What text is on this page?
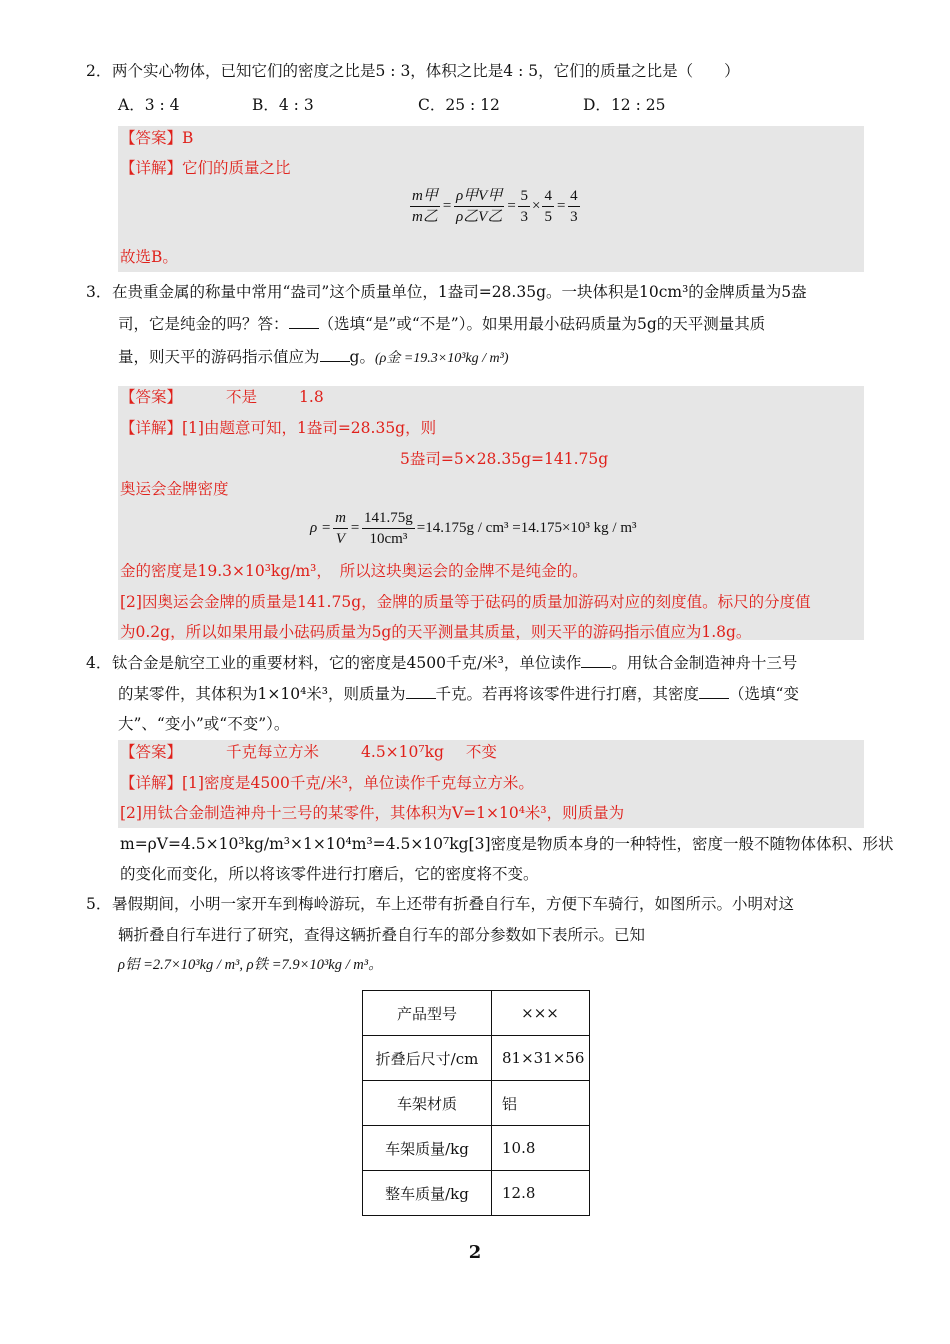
2． 两个实心物体，已知它们的密度之比是5 : 3，体积之比是4 : 5，它们的质量之比是（　　）
A．3 : 4	B．4 : 3	C．25 : 12	D．12 : 25
【答案】B
【详解】它们的质量之比
$\frac{\text{m甲}}{\text{m乙}} = \frac{\text{ρ甲V甲}}{\text{ρ乙V乙}} = \frac{5}{3} \times \frac{4}{5} = \frac{4}{3}$
故选B。
3． 在贵重金属的称量中常用“盎司”这个质量单位，1盎司=28.35g。一块体积是10cm³的金牌质量为5盎
司，它是纯金的吗？答： （选填“是”或“不是”）。如果用最小砝码质量为5g的天平测量其质
量，则天平的游码指示值应为 g。(ρ金 =19.3×10³kg / m³)
【答案】	不是	1.8
【详解】[1]由题意可知，1盎司=28.35g，则
5盎司=5×28.35g=141.75g
奥运会金牌密度
$\rho = \frac{m}{V} = \frac{141.75g}{\text{10cm³}} =14.175g / cm^3 =14.175\times 10^3$ kg / m³
金的密度是19.3×10³kg/m³，　所以这块奥运会的金牌不是纯金的。
[2]因奥运会金牌的质量是141.75g，金牌的质量等于砝码的质量加游码对应的刻度值。标尺的分度值
为0.2g，所以如果用最小砝码质量为5g的天平测量其质量，则天平的游码指示值应为1.8g。
4． 钛合金是航空工业的重要材料，它的密度是4500千克/米³，单位读作 。用钛合金制造神舟十三号
的某零件，其体积为1×10⁴米³，则质量为 千克。若再将该零件进行打磨，其密度 （选填“变
大”、“变小”或“不变”）。
【答案】	千克每立方米	4.5×10⁷kg 不变
【详解】[1]密度是4500千克/米³，单位读作千克每立方米。
[2]用钛合金制造神舟十三号的某零件，其体积为V=1×10⁴米³，则质量为
m=ρV=4.5×10³kg/m³×1×10⁴m³=4.5×10⁷kg[3]密度是物质本身的一种特性，密度一般不随物体体积、形状
的变化而变化，所以将该零件进行打磨后，它的密度将不变。
5． 暑假期间，小明一家开车到梅岭游玩，车上还带有折叠自行车，方便下车骑行，如图所示。小明对这
辆折叠自行车进行了研究，查得这辆折叠自行车的部分参数如下表所示。已知
ρ铝 =2.7×10³kg / m³, ρ铁 =7.9×10³kg / m³。
产品型号	×××
折叠后尺寸/cm	81×31×56
车架材质	铝
车架质量/kg	10.8
整车质量/kg	12.8
2
